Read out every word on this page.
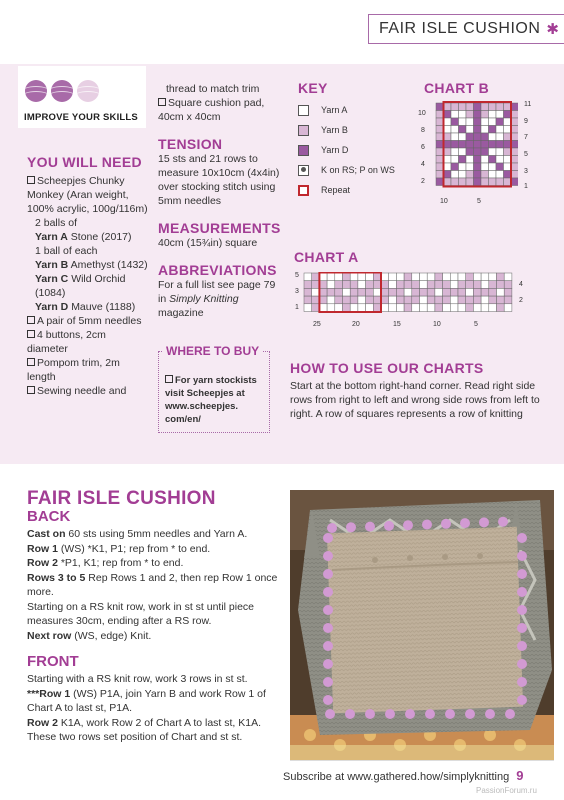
FAIR ISLE CUSHION ✱
IMPROVE YOUR SKILLS
YOU WILL NEED
Scheepjes Chunky Monkey (Aran weight, 100% acrylic, 100g/116m)
2 balls of
Yarn A Stone (2017)
1 ball of each
Yarn B Amethyst (1432)
Yarn C Wild Orchid (1084)
Yarn D Mauve (1188)
A pair of 5mm needles
4 buttons, 2cm diameter
Pompom trim, 2m length
Sewing needle and
thread to match trim
Square cushion pad, 40cm x 40cm
TENSION
15 sts and 21 rows to measure 10x10cm (4x4in) over stocking stitch using 5mm needles
MEASUREMENTS
40cm (15¾in) square
ABBREVIATIONS
For a full list see page 79 in Simply Knitting magazine
KEY
Yarn A
Yarn B
Yarn D
K on RS; P on WS
Repeat
CHART B
10
8
6
4
2
11
9
7
5
3
1
10	5
CHART A
5
3
1
4
2
25	20	15	10	5
WHERE TO BUY
For yarn stockists visit Scheepjes at www.scheepjes. com/en/
HOW TO USE OUR CHARTS
Start at the bottom right-hand corner. Read right side rows from right to left and wrong side rows from left to right. A row of squares represents a row of knitting
FAIR ISLE CUSHION
BACK

Cast on 60 sts using 5mm needles and Yarn A.

Row 1 (WS) *K1, P1; rep from * to end.

Row 2 *P1, K1; rep from * to end.

Rows 3 to 5 Rep Rows 1 and 2, then rep Row 1 once more.

Starting on a RS knit row, work in st st until piece measures 30cm, ending after a RS row.

Next row (WS, edge) Knit.

FRONT

Starting with a RS knit row, work 3 rows in st st.

***Row 1 (WS) P1A, join Yarn B and work Row 1 of Chart A to last st, P1A.

Row 2 K1A, work Row 2 of Chart A to last st, K1A. These two rows set position of Chart and st st.

Subscribe at www.gathered.how/simplyknitting 9
PassionForum.ru
